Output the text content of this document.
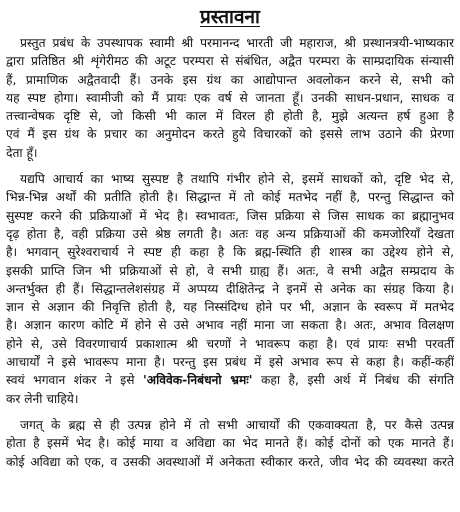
प्रस्तावना
प्रस्तुत प्रबंध के उपस्थापक स्वामी श्री परमानन्द भारती जी महाराज, श्री प्रस्थानत्रयी-भाष्यकार
द्वारा प्रतिष्ठित श्री शृंगेरीमठ की अटूट परम्परा से संबंधित, अद्वैत परम्परा के साम्प्रदायिक संन्यासी
हैं, प्रामाणिक अद्वैतवादी हैं। उनके इस ग्रंथ का आद्योपान्त अवलोकन करने से, सभी को
यह स्पष्ट होगा। स्वामीजी को मैं प्रायः एक वर्ष से जानता हूँ। उनकी साधन-प्रधान, साधक व
तत्त्वान्वेषक दृष्टि से, जो किसी भी काल में विरल ही होती है, मुझे अत्यन्त हर्ष हुआ है
एवं मैं इस ग्रंथ के प्रचार का अनुमोदन करते हुये विचारकों को इससे लाभ उठाने की प्रेरणा
देता हूँ।
यद्यपि आचार्य का भाष्य सुस्पष्ट है तथापि गंभीर होने से, इसमें साधकों को, दृष्टि भेद से,
भिन्न-भिन्न अर्थों की प्रतीति होती है। सिद्धान्त में तो कोई मतभेद नहीं है, परन्तु सिद्धान्त को
सुस्पष्ट करने की प्रक्रियाओं में भेद है। स्वभावतः, जिस प्रक्रिया से जिस साधक का ब्रह्मानुभव
दृढ़ होता है, वही प्रक्रिया उसे श्रेष्ठ लगती है। अतः वह अन्य प्रक्रियाओं की कमजोरियाँ देखता
है। भगवान् सुरेश्वराचार्य ने स्पष्ट ही कहा है कि ब्रह्म-स्थिति ही शास्त्र का उद्देश्य होने से,
इसकी प्राप्ति जिन भी प्रक्रियाओं से हो, वे सभी ग्राह्य हैं। अतः, वे सभी अद्वैत सम्प्रदाय के
अन्तर्भुक्त ही हैं। सिद्धान्तलेशसंग्रह में अप्पय्य दीक्षितेन्द्र ने इनमें से अनेक का संग्रह किया है।
ज्ञान से अज्ञान की निवृत्ति होती है, यह निस्संदिग्ध होने पर भी, अज्ञान के स्वरूप में मतभेद
है। अज्ञान कारण कोटि में होने से उसे अभाव नहीं माना जा सकता है। अतः, अभाव विलक्षण
होने से, उसे विवरणाचार्य प्रकाशात्म श्री चरणों ने भावरूप कहा है। एवं प्रायः सभी परवर्ती
आचार्यों ने इसे भावरूप माना है। परन्तु इस प्रबंध में इसे अभाव रूप से कहा है। कहीं-कहीं
स्वयं भगवान शंकर ने इसे 'अविवेक-निबंधनो भ्रमः' कहा है, इसी अर्थ में निबंध की संगति
कर लेनी चाहिये।
जगत् के ब्रह्म से ही उत्पन्न होने में तो सभी आचार्यों की एकवाक्यता है, पर कैसे उत्पन्न
होता है इसमें भेद है। कोई माया व अविद्या का भेद मानते हैं। कोई दोनों को एक मानते हैं।
कोई अविद्या को एक, व उसकी अवस्थाओं में अनेकता स्वीकार करते, जीव भेद की व्यवस्था करते
